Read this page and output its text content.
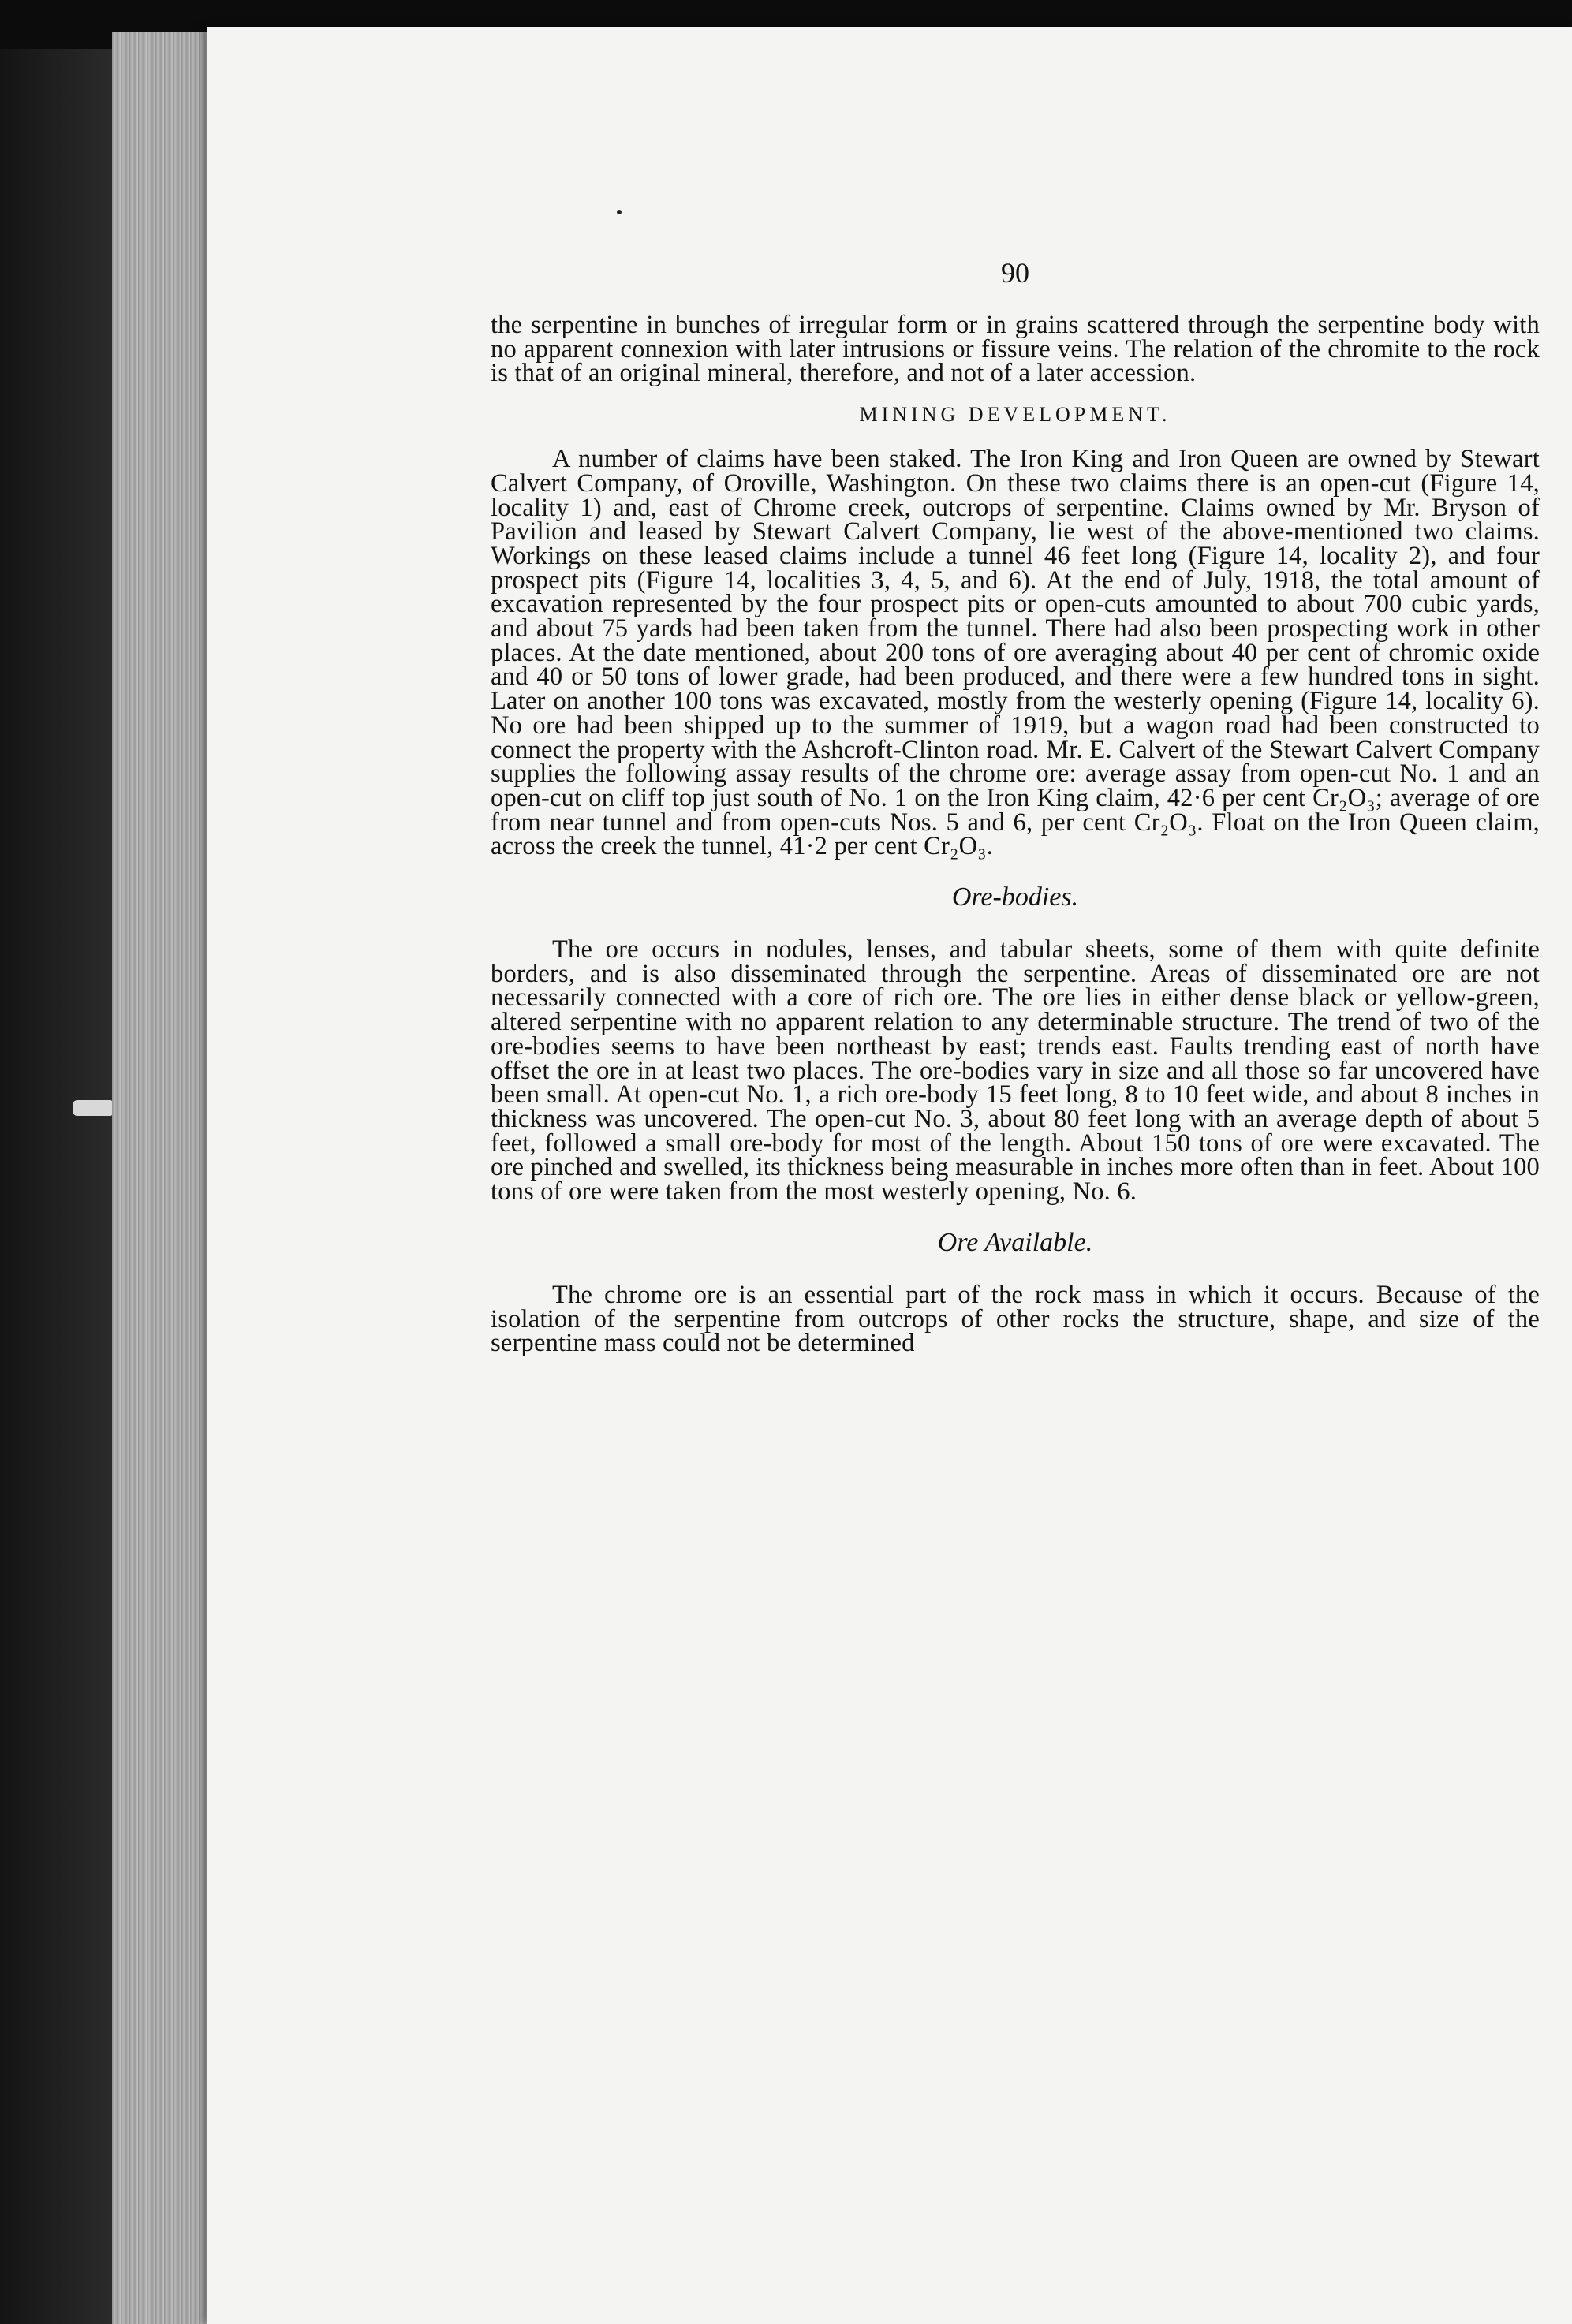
90

the serpentine in bunches of irregular form or in grains scattered through the serpentine body with no apparent connexion with later intrusions or fissure veins. The relation of the chromite to the rock is that of an original mineral, therefore, and not of a later accession.

MINING DEVELOPMENT.

A number of claims have been staked. The Iron King and Iron Queen are owned by Stewart Calvert Company, of Oroville, Washington. On these two claims there is an open-cut (Figure 14, locality 1) and, east of Chrome creek, outcrops of serpentine. Claims owned by Mr. Bryson of Pavilion and leased by Stewart Calvert Company, lie west of the above-mentioned two claims. Workings on these leased claims include a tunnel 46 feet long (Figure 14, locality 2), and four prospect pits (Figure 14, localities 3, 4, 5, and 6). At the end of July, 1918, the total amount of excavation represented by the four prospect pits or open-cuts amounted to about 700 cubic yards, and about 75 yards had been taken from the tunnel. There had also been prospecting work in other places. At the date mentioned, about 200 tons of ore averaging about 40 per cent of chromic oxide and 40 or 50 tons of lower grade, had been produced, and there were a few hundred tons in sight. Later on another 100 tons was excavated, mostly from the westerly opening (Figure 14, locality 6). No ore had been shipped up to the summer of 1919, but a wagon road had been constructed to connect the property with the Ashcroft-Clinton road. Mr. E. Calvert of the Stewart Calvert Company supplies the following assay results of the chrome ore: average assay from open-cut No. 1 and an open-cut on cliff top just south of No. 1 on the Iron King claim, 42·6 per cent Cr₂O₃; average of ore from near tunnel and from open-cuts Nos. 5 and 6, per cent Cr₂O₃. Float on the Iron Queen claim, across the creek the tunnel, 41·2 per cent Cr₂O₃.

Ore-bodies.

The ore occurs in nodules, lenses, and tabular sheets, some of them with quite definite borders, and is also disseminated through the serpentine. Areas of disseminated ore are not necessarily connected with a core of rich ore. The ore lies in either dense black or yellow-green, altered serpentine with no apparent relation to any determinable structure. The trend of two of the ore-bodies seems to have been northeast by east; trends east. Faults trending east of north have offset the ore in at least two places. The ore-bodies vary in size and all those so far uncovered have been small. At open-cut No. 1, a rich ore-body 15 feet long, 8 to 10 feet wide, and about 8 inches in thickness was uncovered. The open-cut No. 3, about 80 feet long with an average depth of about 5 feet, followed a small ore-body for most of the length. About 150 tons of ore were excavated. The ore pinched and swelled, its thickness being measurable in inches more often than in feet. About 100 tons of ore were taken from the most westerly opening, No. 6.

Ore Available.

The chrome ore is an essential part of the rock mass in which it occurs. Because of the isolation of the serpentine from outcrops of other rocks the structure, shape, and size of the serpentine mass could not be determined
